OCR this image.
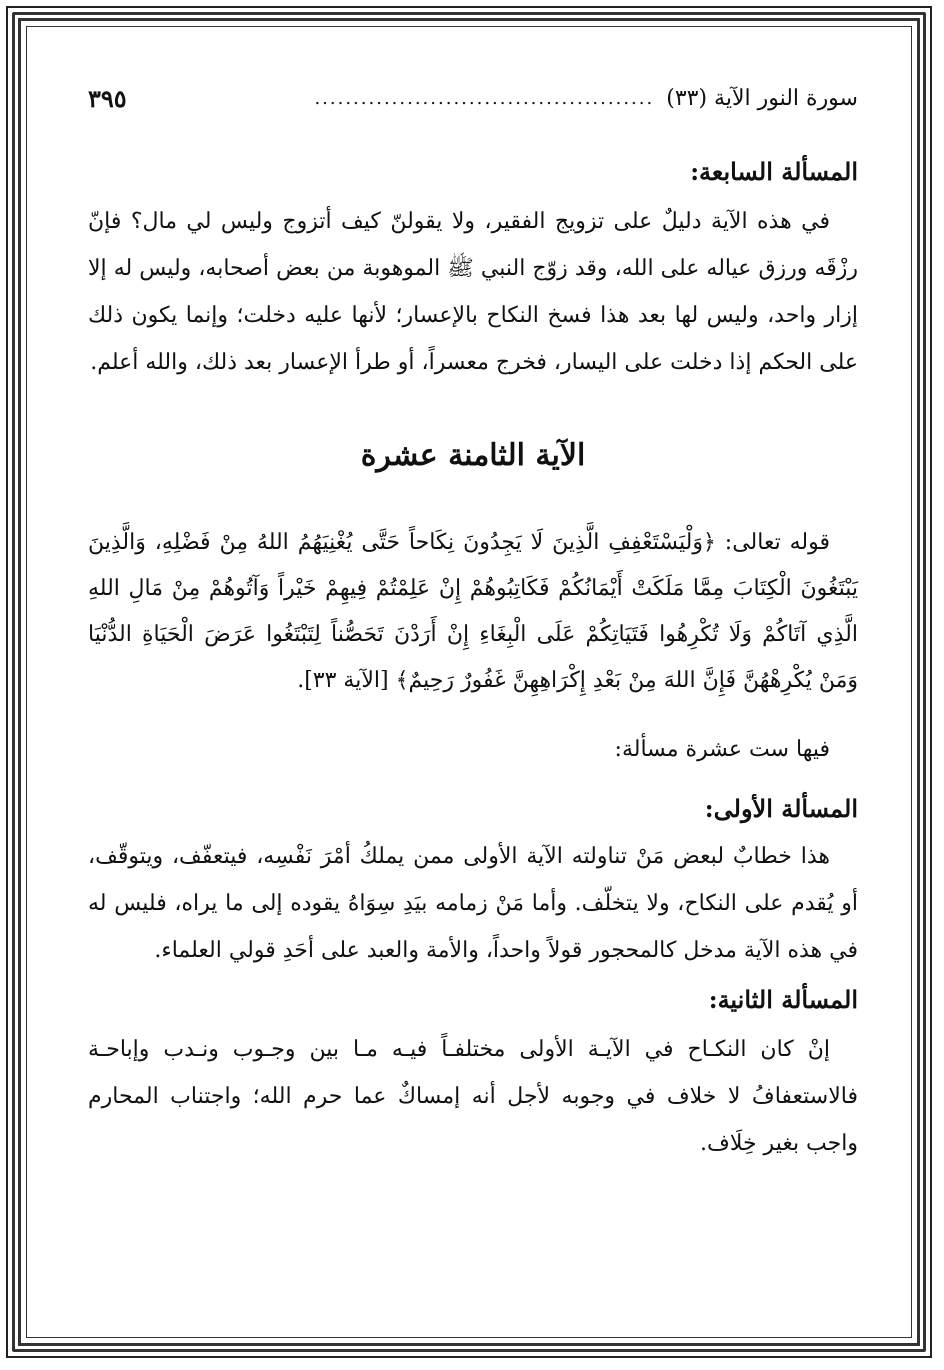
سورة النور الآية (٣٣)
............................................
٣٩٥

المسألة السابعة:

في هذه الآية دليلٌ على تزويج الفقير، ولا يقولنّ كيف أتزوج وليس لي مال؟ فإنّ رزْقَه ورزق عياله على الله، وقد زوّج النبي ﷺ الموهوبة من بعض أصحابه، وليس له إلا إزار واحد، وليس لها بعد هذا فسخ النكاح بالإعسار؛ لأنها عليه دخلت؛ وإنما يكون ذلك على الحكم إذا دخلت على اليسار، فخرج معسراً، أو طرأ الإعسار بعد ذلك، والله أعلم.

الآية الثامنة عشرة

قوله تعالى: ﴿وَلْيَسْتَعْفِفِ الَّذِينَ لَا يَجِدُونَ نِكَاحاً حَتَّى يُغْنِيَهُمُ اللهُ مِنْ فَضْلِهِ، وَالَّذِينَ يَبْتَغُونَ الْكِتَابَ مِمَّا مَلَكَتْ أَيْمَانُكُمْ فَكَاتِبُوهُمْ إِنْ عَلِمْتُمْ فِيهِمْ خَيْراً وَآتُوهُمْ مِنْ مَالِ اللهِ الَّذِي آتَاكُمْ وَلَا تُكْرِهُوا فَتَيَاتِكُمْ عَلَى الْبِغَاءِ إِنْ أَرَدْنَ تَحَصُّناً لِتَبْتَغُوا عَرَضَ الْحَيَاةِ الدُّنْيَا وَمَنْ يُكْرِهْهُنَّ فَإِنَّ اللهَ مِنْ بَعْدِ إِكْرَاهِهِنَّ غَفُورٌ رَحِيمٌ﴾ [الآية ٣٣].

فيها ست عشرة مسألة:

المسألة الأولى:

هذا خطابٌ لبعض مَنْ تناولته الآية الأولى ممن يملكُ أمْرَ نَفْسِه، فيتعفّف، ويتوقّف، أو يُقدم على النكاح، ولا يتخلّف. وأما مَنْ زمامه بيَدِ سِوَاهُ يقوده إلى ما يراه، فليس له في هذه الآية مدخل كالمحجور قولاً واحداً، والأمة والعبد على أحَدِ قولي العلماء.

المسألة الثانية:

إنْ كان النكـاح في الآيـة الأولى مختلفـاً فيـه مـا بين وجـوب ونـدب وإباحـة فالاستعفافُ لا خلاف في وجوبه لأجل أنه إمساكٌ عما حرم الله؛ واجتناب المحارم واجب بغير خِلَاف.
